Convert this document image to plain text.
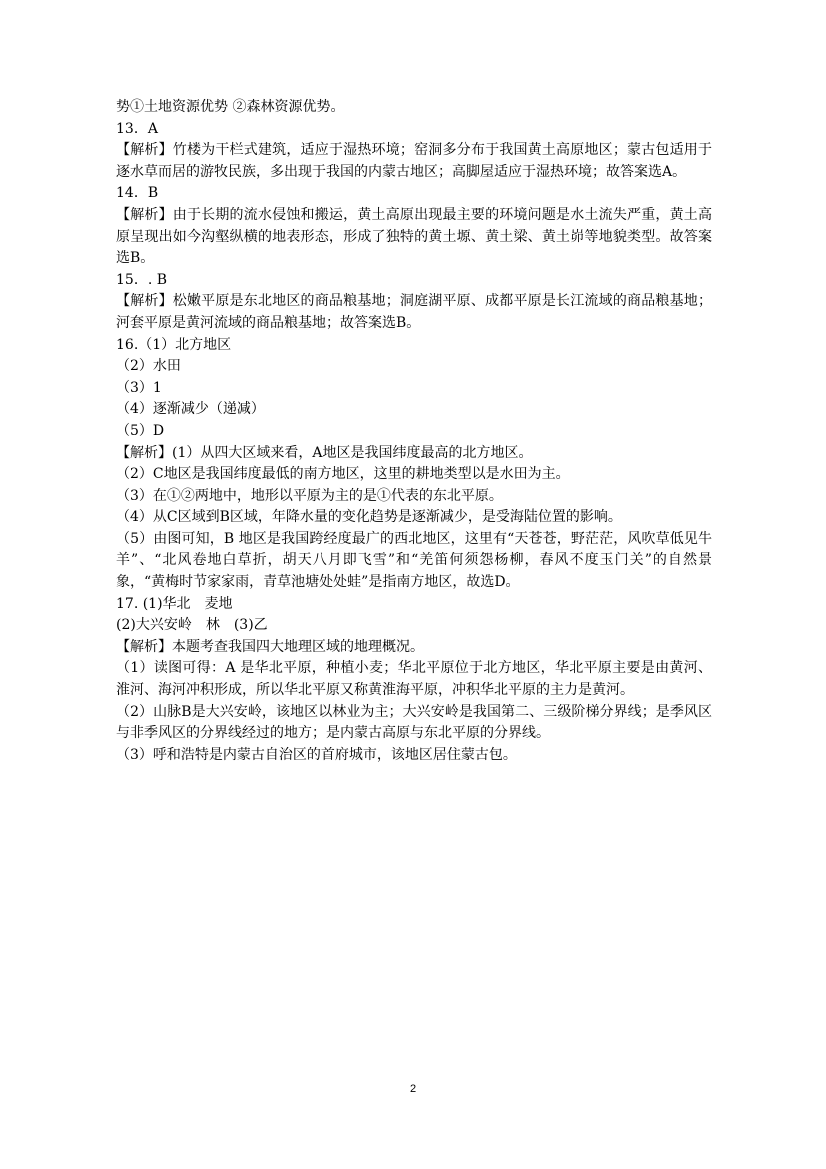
势①土地资源优势 ②森林资源优势。

13．A

【解析】竹楼为干栏式建筑，适应于湿热环境；窑洞多分布于我国黄土高原地区；蒙古包适用于逐水草而居的游牧民族，多出现于我国的内蒙古地区；高脚屋适应于湿热环境；故答案选A。

14．B

【解析】由于长期的流水侵蚀和搬运，黄土高原出现最主要的环境问题是水土流失严重，黄土高原呈现出如今沟壑纵横的地表形态，形成了独特的黄土塬、黄土梁、黄土峁等地貌类型。故答案选B。

15．. B

【解析】松嫩平原是东北地区的商品粮基地；洞庭湖平原、成都平原是长江流域的商品粮基地；河套平原是黄河流域的商品粮基地；故答案选B。

16.（1）北方地区

（2）水田

（3）1

（4）逐渐减少（递减）

（5）D

【解析】(1）从四大区域来看，A地区是我国纬度最高的北方地区。

（2）C地区是我国纬度最低的南方地区，这里的耕地类型以是水田为主。

（3）在①②两地中，地形以平原为主的是①代表的东北平原。

（4）从C区域到B区域，年降水量的变化趋势是逐渐减少，是受海陆位置的影响。

（5）由图可知，B 地区是我国跨经度最广的西北地区，这里有“天苍苍，野茫茫，风吹草低见牛羊”、“北风卷地白草折，胡天八月即飞雪”和“羌笛何须怨杨柳，春风不度玉门关”的自然景象，“黄梅时节家家雨，青草池塘处处蛙”是指南方地区，故选D。

17. (1)华北　麦地

(2)大兴安岭　林　(3)乙

【解析】本题考查我国四大地理区域的地理概况。

（1）读图可得：A 是华北平原，种植小麦；华北平原位于北方地区，华北平原主要是由黄河、淮河、海河冲积形成，所以华北平原又称黄淮海平原，冲积华北平原的主力是黄河。

（2）山脉B是大兴安岭，该地区以林业为主；大兴安岭是我国第二、三级阶梯分界线；是季风区与非季风区的分界线经过的地方；是内蒙古高原与东北平原的分界线。

（3）呼和浩特是内蒙古自治区的首府城市，该地区居住蒙古包。

2
